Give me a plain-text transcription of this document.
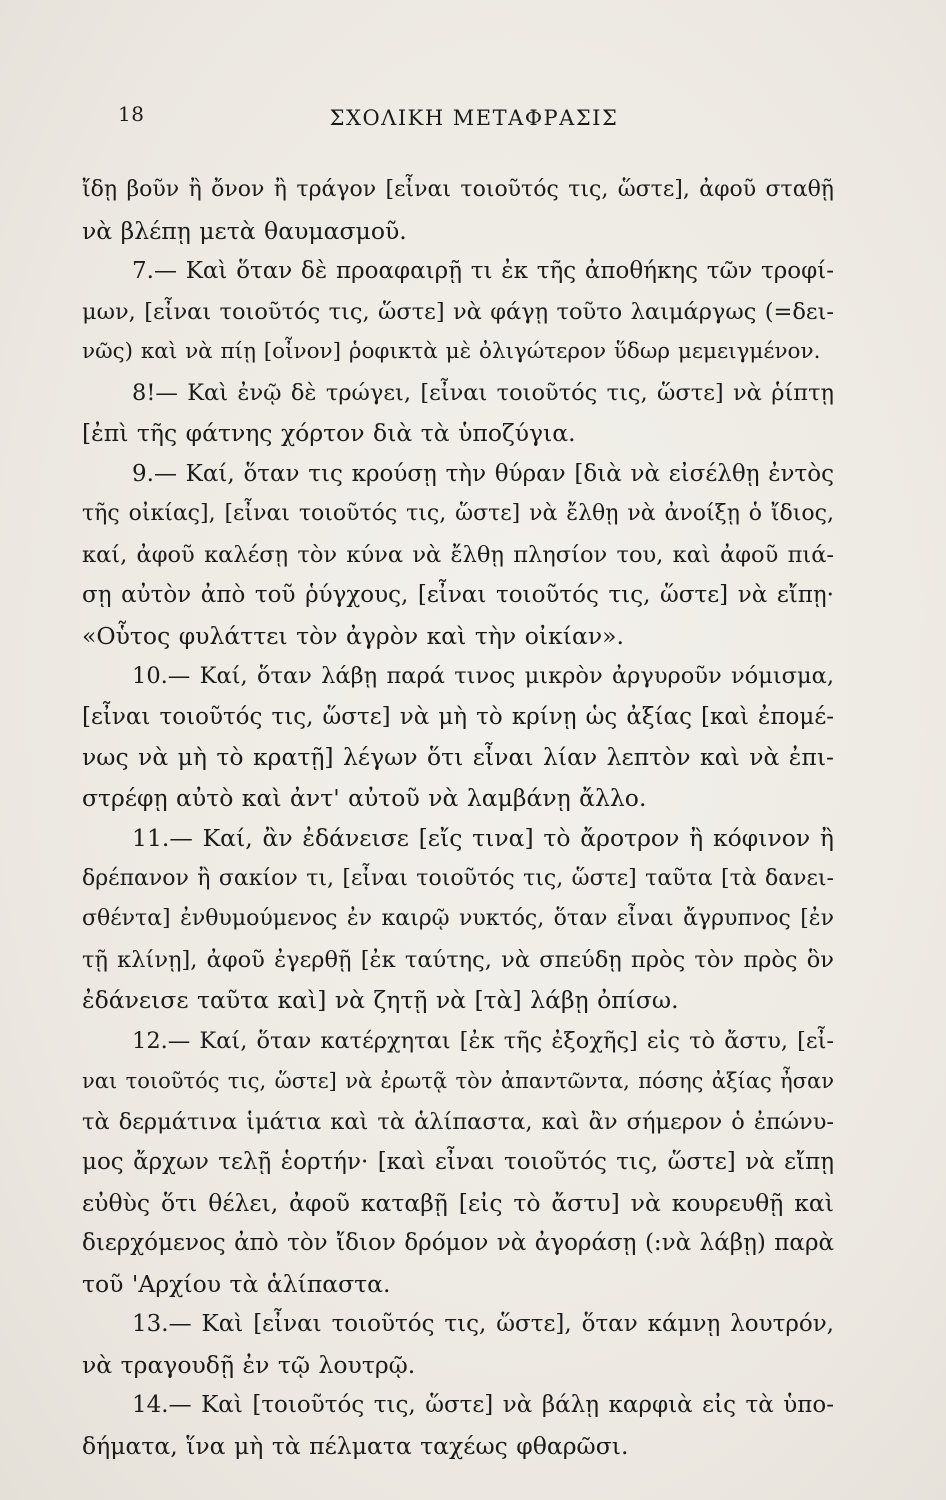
18	ΣΧΟΛΙΚΗ ΜΕΤΑΦΡΑΣΙΣ
ἴδῃ βοῦν ἢ ὄνον ἢ τράγον [εἶναι τοιοῦτός τις, ὥστε], ἀφοῦ σταθῇ
νὰ βλέπῃ μετὰ θαυμασμοῦ.
7.— Καὶ ὅταν δὲ προαφαιρῇ τι ἐκ τῆς ἀποθήκης τῶν τροφί-
μων, [εἶναι τοιοῦτός τις, ὥστε] νὰ φάγῃ τοῦτο λαιμάργως (=δει-
νῶς) καὶ νὰ πίῃ [οἶνον] ῥοφικτὰ μὲ ὀλιγώτερον ὕδωρ μεμειγμένον.
8!— Καὶ ἐνῷ δὲ τρώγει, [εἶναι τοιοῦτός τις, ὥστε] νὰ ῥίπτῃ
[ἐπὶ τῆς φάτνης χόρτον διὰ τὰ ὑποζύγια.
9.— Καί, ὅταν τις κρούσῃ τὴν θύραν [διὰ νὰ εἰσέλθῃ ἐντὸς
τῆς οἰκίας], [εἶναι τοιοῦτός τις, ὥστε] νὰ ἔλθῃ νὰ ἀνοίξῃ ὁ ἴδιος,
καί, ἀφοῦ καλέσῃ τὸν κύνα νὰ ἔλθῃ πλησίον του, καὶ ἀφοῦ πιά-
σῃ αὐτὸν ἀπὸ τοῦ ῥύγχους, [εἶναι τοιοῦτός τις, ὥστε] νὰ εἴπῃ·
«Οὗτος φυλάττει τὸν ἀγρὸν καὶ τὴν οἰκίαν».
10.— Καί, ὅταν λάβῃ παρά τινος μικρὸν ἀργυροῦν νόμισμα,
[εἶναι τοιοῦτός τις, ὥστε] νὰ μὴ τὸ κρίνῃ ὡς ἀξίας [καὶ ἐπομέ-
νως νὰ μὴ τὸ κρατῇ] λέγων ὅτι εἶναι λίαν λεπτὸν καὶ νὰ ἐπι-
στρέφῃ αὐτὸ καὶ ἀντ' αὐτοῦ νὰ λαμβάνῃ ἄλλο.
11.— Καί, ἂν ἐδάνεισε [εἴς τινα] τὸ ἄροτρον ἢ κόφινον ἢ
δρέπανον ἢ σακίον τι, [εἶναι τοιοῦτός τις, ὥστε] ταῦτα [τὰ δανει-
σθέντα] ἐνθυμούμενος ἐν καιρῷ νυκτός, ὅταν εἶναι ἄγρυπνος [ἐν
τῇ κλίνῃ], ἀφοῦ ἐγερθῇ [ἐκ ταύτης, νὰ σπεύδῃ πρὸς τὸν πρὸς ὃν
ἐδάνεισε ταῦτα καὶ] νὰ ζητῇ νὰ [τὰ] λάβῃ ὀπίσω.
12.— Καί, ὅταν κατέρχηται [ἐκ τῆς ἐξοχῆς] εἰς τὸ ἄστυ, [εἶ-
ναι τοιοῦτός τις, ὥστε] νὰ ἐρωτᾷ τὸν ἀπαντῶντα, πόσης ἀξίας ἦσαν
τὰ δερμάτινα ἱμάτια καὶ τὰ ἁλίπαστα, καὶ ἂν σήμερον ὁ ἐπώνυ-
μος ἄρχων τελῇ ἑορτήν· [καὶ εἶναι τοιοῦτός τις, ὥστε] νὰ εἴπῃ
εὐθὺς ὅτι θέλει, ἀφοῦ καταβῇ [εἰς τὸ ἄστυ] νὰ κουρευθῇ καὶ
διερχόμενος ἀπὸ τὸν ἴδιον δρόμον νὰ ἀγοράσῃ (:νὰ λάβῃ) παρὰ
τοῦ 'Αρχίου τὰ ἁλίπαστα.
13.— Καὶ [εἶναι τοιοῦτός τις, ὥστε], ὅταν κάμνῃ λουτρόν,
νὰ τραγουδῇ ἐν τῷ λουτρῷ.
14.— Καὶ [τοιοῦτός τις, ὥστε] νὰ βάλῃ καρφιὰ εἰς τὰ ὑπο-
δήματα, ἵνα μὴ τὰ πέλματα ταχέως φθαρῶσι.
